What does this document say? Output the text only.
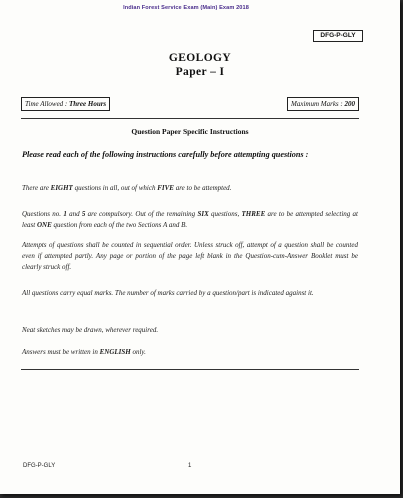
Indian Forest Service Exam (Main) Exam 2018
DFG-P-GLY
GEOLOGY
Paper – I
Time Allowed : Three Hours	Maximum Marks : 200
Question Paper Specific Instructions
Please read each of the following instructions carefully before attempting questions :
There are EIGHT questions in all, out of which FIVE are to be attempted.
Questions no. 1 and 5 are compulsory. Out of the remaining SIX questions, THREE are to be attempted selecting at least ONE question from each of the two Sections A and B.
Attempts of questions shall be counted in sequential order. Unless struck off, attempt of a question shall be counted even if attempted partly. Any page or portion of the page left blank in the Question-cum-Answer Booklet must be clearly struck off.
All questions carry equal marks. The number of marks carried by a question/part is indicated against it.
Neat sketches may be drawn, wherever required.
Answers must be written in ENGLISH only.
DFG-P-GLY	1
